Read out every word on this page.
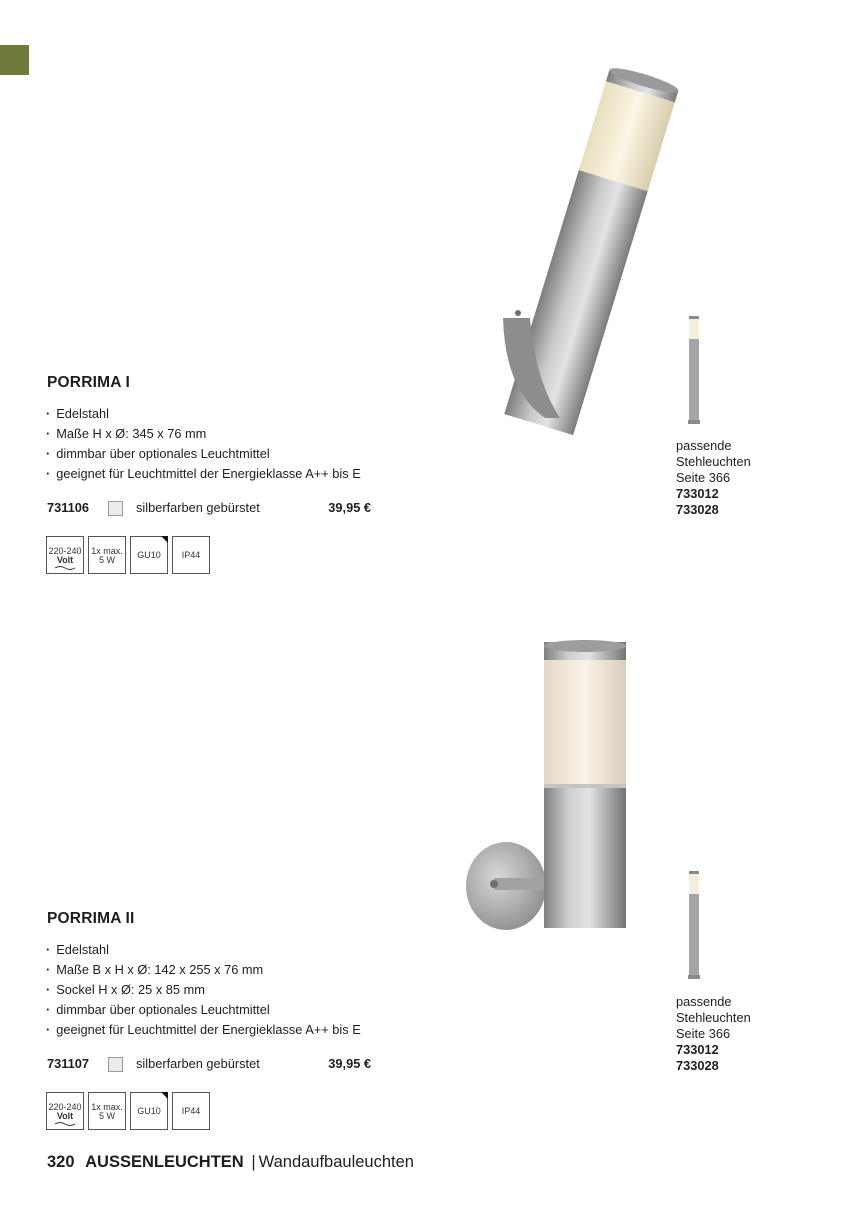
PORRIMA I
· Edelstahl
· Maße H x Ø: 345 x 76 mm
· dimmbar über optionales Leuchtmittel
· geeignet für Leuchtmittel der Energieklasse A++ bis E
731106	silberfarben gebürstet	39,95 €
220-240
Volt
1x max.
5 W	GU10	IP44
passende
Stehleuchten
Seite 366
733012
733028
PORRIMA II
· Edelstahl
· Maße B x H x Ø: 142 x 255 x 76 mm
· Sockel H x Ø: 25 x 85 mm
· dimmbar über optionales Leuchtmittel
· geeignet für Leuchtmittel der Energieklasse A++ bis E
731107	silberfarben gebürstet	39,95 €
220-240
Volt
1x max.
5 W	GU10	IP44
passende
Stehleuchten
Seite 366
733012
733028
320 AUSSENLEUCHTEN | Wandaufbauleuchten
